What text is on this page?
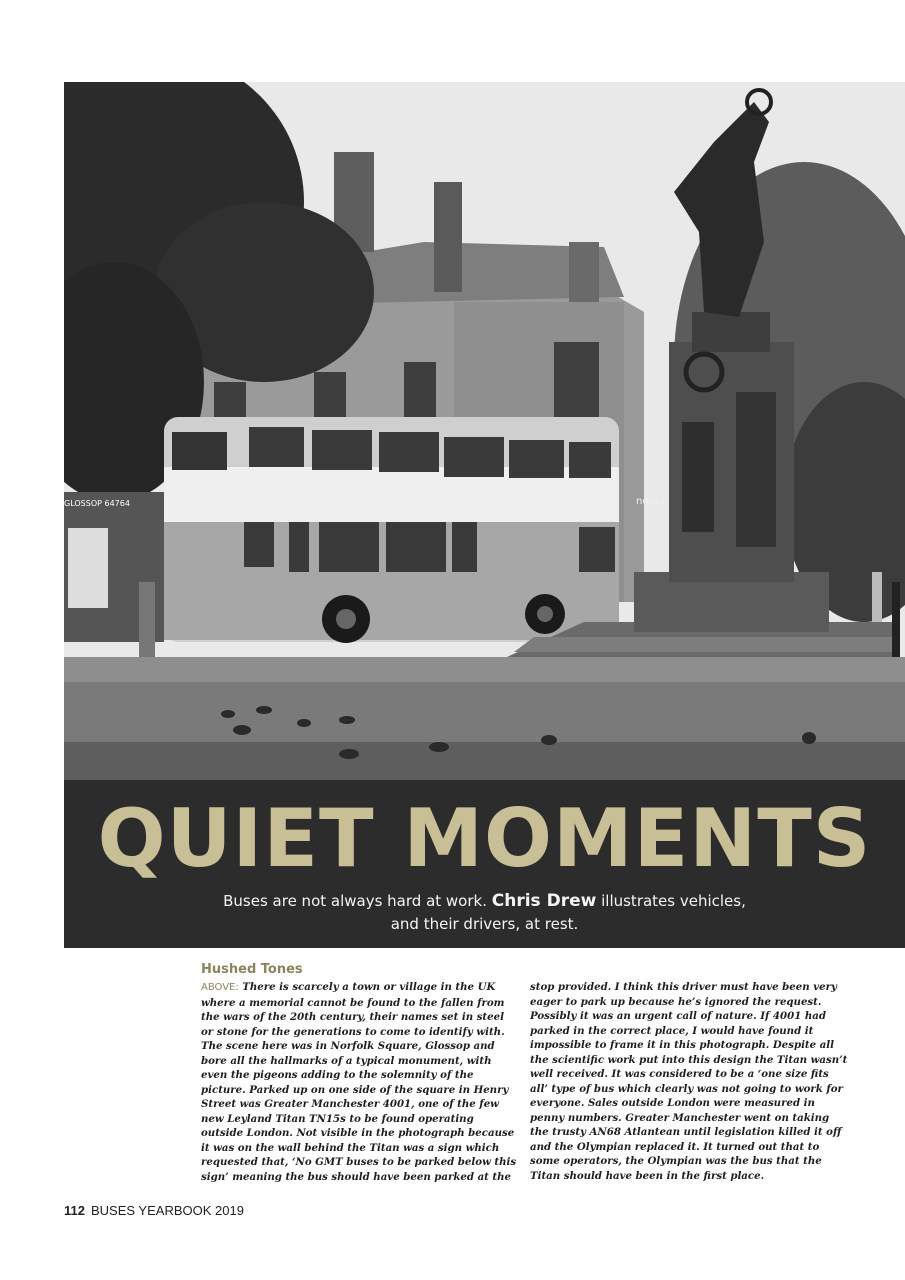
GLOSSOP 64764	nooks
QUIET MOMENTS
Buses are not always hard at work. Chris Drew illustrates vehicles,
and their drivers, at rest.
Hushed Tones
ABOVE: There is scarcely a town or village in the UK where a memorial cannot be found to the fallen from the wars of the 20th century, their names set in steel or stone for the generations to come to identify with. The scene here was in Norfolk Square, Glossop and bore all the hallmarks of a typical monument, with even the pigeons adding to the solemnity of the picture. Parked up on one side of the square in Henry Street was Greater Manchester 4001, one of the few new Leyland Titan TN15s to be found operating outside London. Not visible in the photograph because it was on the wall behind the Titan was a sign which requested that, ‘No GMT buses to be parked below this sign’ meaning the bus should have been parked at the
stop provided. I think this driver must have been very eager to park up because he’s ignored the request. Possibly it was an urgent call of nature. If 4001 had parked in the correct place, I would have found it impossible to frame it in this photograph. Despite all the scientific work put into this design the Titan wasn’t well received. It was considered to be a ‘one size fits all’ type of bus which clearly was not going to work for everyone. Sales outside London were measured in penny numbers. Greater Manchester went on taking the trusty AN68 Atlantean until legislation killed it off and the Olympian replaced it. It turned out that to some operators, the Olympian was the bus that the Titan should have been in the first place.
112 BUSES YEARBOOK 2019
